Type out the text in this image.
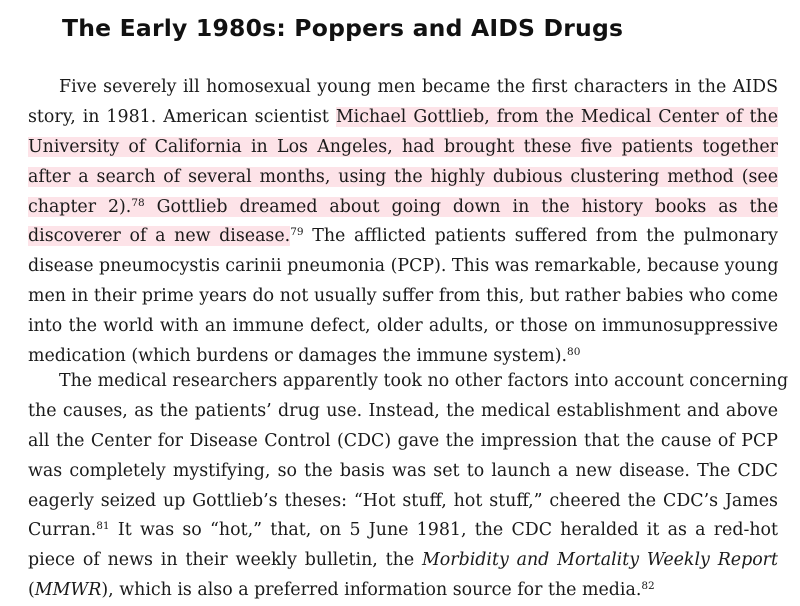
The Early 1980s: Poppers and AIDS Drugs
Five severely ill homosexual young men became the first characters in the AIDS
story, in 1981. American scientist Michael Gottlieb, from the Medical Center of the
University of California in Los Angeles, had brought these five patients together
after a search of several months, using the highly dubious clustering method (see
chapter 2).$^{78}$ Gottlieb dreamed about going down in the history books as the
discoverer of a new disease.$^{79}$ The afflicted patients suffered from the pulmonary
disease pneumocystis carinii pneumonia (PCP). This was remarkable, because young
men in their prime years do not usually suffer from this, but rather babies who come
into the world with an immune defect, older adults, or those on immunosuppressive
medication (which burdens or damages the immune system).$^{80}$
The medical researchers apparently took no other factors into account concerning
the causes, as the patients’ drug use. Instead, the medical establishment and above
all the Center for Disease Control (CDC) gave the impression that the cause of PCP
was completely mystifying, so the basis was set to launch a new disease. The CDC
eagerly seized up Gottlieb’s theses: “Hot stuff, hot stuff,” cheered the CDC’s James
Curran.$^{81}$ It was so “hot,” that, on 5 June 1981, the CDC heralded it as a red-hot
piece of news in their weekly bulletin, the Morbidity and Mortality Weekly Report
(MMWR), which is also a preferred information source for the media.$^{82}$
